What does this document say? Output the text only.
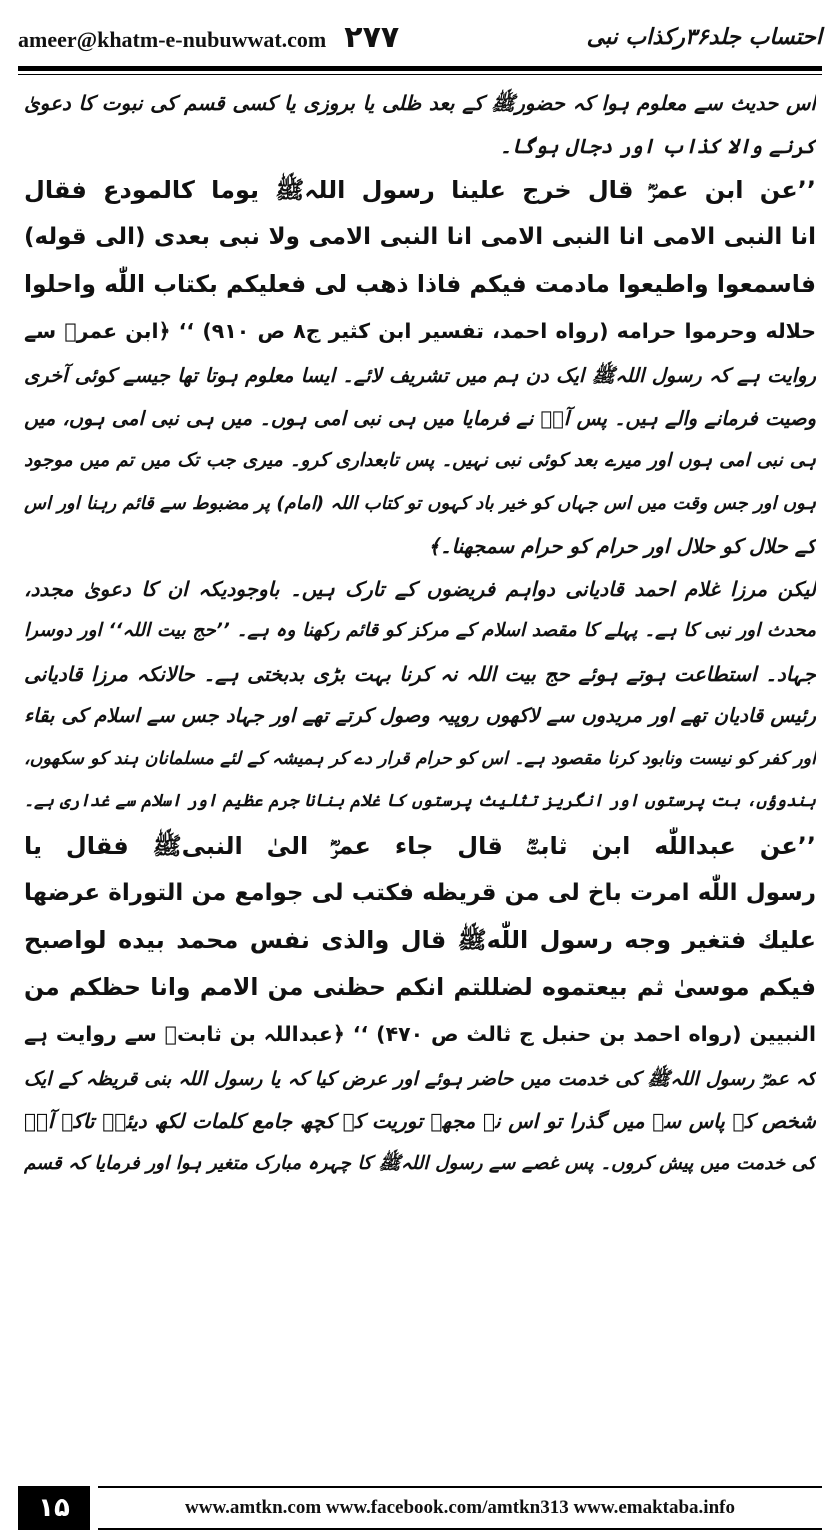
ameer@khatm-e-nubuwwat.com ۲۷۷	احتساب جلد۳۶رکذاب نبی
اس حدیث سے معلوم ہوا کہ حضورﷺ کے بعد ظلی یا بروزی یا کسی قسم کی نبوت کا دعویٰ
کرنے والا کذاب اور دجال ہوگا۔
’’عن ابن عمرؓ قال خرج علینا رسول اللہﷺ یوما کالمودع فقال
انا النبی الامی انا النبی الامی انا النبی الامی ولا نبی بعدی (الی قوله)
فاسمعوا واطیعوا مادمت فیکم فاذا ذهب لی فعلیکم بکتاب اللّٰه واحلوا
حلاله وحرموا حرامه (رواه احمد، تفسیر ابن کثیر ج۸ ص ۹۱۰) ‘‘ ﴿ابن عمرؓ سے
روایت ہے کہ رسول اللہﷺ ایک دن ہم میں تشریف لائے۔ ایسا معلوم ہوتا تھا جیسے کوئی آخری
وصیت فرمانے والے ہیں۔ پس آپؐ نے فرمایا میں ہی نبی امی ہوں۔ میں ہی نبی امی ہوں، میں
ہی نبی امی ہوں اور میرے بعد کوئی نبی نہیں۔ پس تابعداری کرو۔ میری جب تک میں تم میں موجود
ہوں اور جس وقت میں اس جہاں کو خیر باد کہوں تو کتاب اللہ (امام) پر مضبوط سے قائم رہنا اور اس
کے حلال کو حلال اور حرام کو حرام سمجھنا۔﴾
لیکن مرزا غلام احمد قادیانی دواہم فریضوں کے تارک ہیں۔ باوجودیکہ ان کا دعویٰ مجدد،
محدث اور نبی کا ہے۔ پہلے کا مقصد اسلام کے مرکز کو قائم رکھنا وہ ہے۔ ’’حج بیت اللہ‘‘ اور دوسرا
جہاد۔ استطاعت ہوتے ہوئے حج بیت اللہ نہ کرنا بہت بڑی بدبختی ہے۔ حالانکہ مرزا قادیانی
رئیس قادیان تھے اور مریدوں سے لاکھوں روپیہ وصول کرتے تھے اور جہاد جس سے اسلام کی بقاء
اور کفر کو نیست ونابود کرنا مقصود ہے۔ اس کو حرام قرار دے کر ہمیشہ کے لئے مسلمانان ہند کو سکھوں،
ہندوؤں، بت پرستوں اور انگریز تثلیث پرستوں کا غلام بنانا جرم عظیم اور اسلام سے غداری ہے۔
’’عن عبداللّٰه ابن ثابتؓ قال جاء عمرؓ الیٰ النبیﷺ فقال یا
رسول اللّٰه امرت باخ لی من قریظه فکتب لی جوامع من التوراة عرضها
علیك فتغیر وجه رسول اللّٰهﷺ قال والذی نفس محمد بیده لواصبح
فیکم موسیٰ ثم بیعتموه لضللتم انکم حظنی من الامم وانا حظکم من
النبیین (رواه احمد بن حنبل ج ثالث ص ۴۷۰) ‘‘ ﴿عبداللہ بن ثابتؓ سے روایت ہے
کہ عمرؓ رسول اللہﷺ کی خدمت میں حاضر ہوئے اور عرض کیا کہ یا رسول اللہ بنی قریظہ کے ایک
شخص کے پاس سے میں گذرا تو اس نے مجھے توریت کے کچھ جامع کلمات لکھ دیئے۔ تاکہ آپؐ
کی خدمت میں پیش کروں۔ پس غصے سے رسول اللہﷺ کا چہرہ مبارک متغیر ہوا اور فرمایا کہ قسم
۱۵	www.amtkn.com www.facebook.com/amtkn313 www.emaktaba.info
